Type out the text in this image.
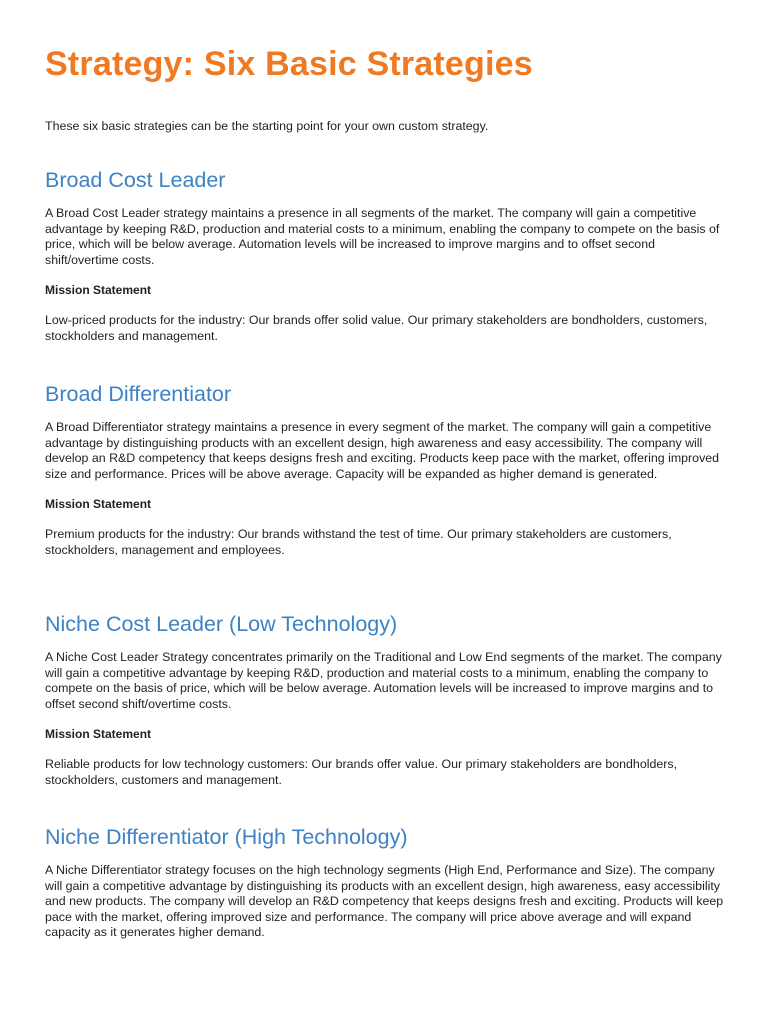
Strategy: Six Basic Strategies

These six basic strategies can be the starting point for your own custom strategy.

Broad Cost Leader

A Broad Cost Leader strategy maintains a presence in all segments of the market. The company will gain a competitive advantage by keeping R&D, production and material costs to a minimum, enabling the company to compete on the basis of price, which will be below average. Automation levels will be increased to improve margins and to offset second shift/overtime costs.

Mission Statement

Low-priced products for the industry: Our brands offer solid value. Our primary stakeholders are bondholders, customers, stockholders and management.

Broad Differentiator

A Broad Differentiator strategy maintains a presence in every segment of the market. The company will gain a competitive advantage by distinguishing products with an excellent design, high awareness and easy accessibility. The company will develop an R&D competency that keeps designs fresh and exciting. Products keep pace with the market, offering improved size and performance. Prices will be above average. Capacity will be expanded as higher demand is generated.

Mission Statement

Premium products for the industry: Our brands withstand the test of time. Our primary stakeholders are customers, stockholders, management and employees.

Niche Cost Leader (Low Technology)

A Niche Cost Leader Strategy concentrates primarily on the Traditional and Low End segments of the market. The company will gain a competitive advantage by keeping R&D, production and material costs to a minimum, enabling the company to compete on the basis of price, which will be below average. Automation levels will be increased to improve margins and to offset second shift/overtime costs.

Mission Statement

Reliable products for low technology customers: Our brands offer value. Our primary stakeholders are bondholders, stockholders, customers and management.

Niche Differentiator (High Technology)

A Niche Differentiator strategy focuses on the high technology segments (High End, Performance and Size). The company will gain a competitive advantage by distinguishing its products with an excellent design, high awareness, easy accessibility and new products. The company will develop an R&D competency that keeps designs fresh and exciting. Products will keep pace with the market, offering improved size and performance. The company will price above average and will expand capacity as it generates higher demand.
